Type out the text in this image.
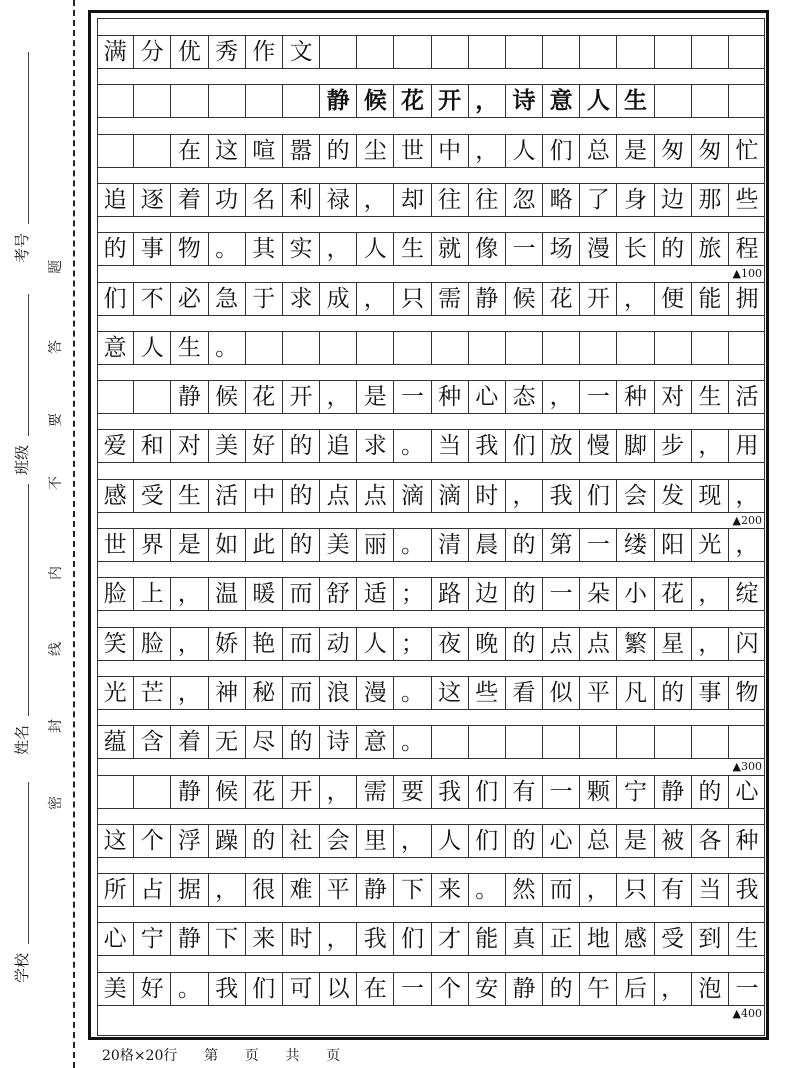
考号
班级
姓名
学校
题
答
要
不
内
线
封
密
满 分 优 秀 作 文
静 候 花 开 ， 诗 意 人 生
在 这 喧 嚣 的 尘 世 中 ， 人 们 总 是 匆 匆 忙
追 逐 着 功 名 利 禄 ， 却 往 往 忽 略 了 身 边 那 些
的 事 物 。 其 实 ， 人 生 就 像 一 场 漫 长 的 旅 程
▲100
们 不 必 急 于 求 成 ， 只 需 静 候 花 开 ， 便 能 拥
意 人 生 。
静 候 花 开 ， 是 一 种 心 态 ， 一 种 对 生 活
爱 和 对 美 好 的 追 求 。 当 我 们 放 慢 脚 步 ， 用
感 受 生 活 中 的 点 点 滴 滴 时 ， 我 们 会 发 现 ，
▲200
世 界 是 如 此 的 美 丽 。 清 晨 的 第 一 缕 阳 光 ，
脸 上 ， 温 暖 而 舒 适 ； 路 边 的 一 朵 小 花 ， 绽
笑 脸 ， 娇 艳 而 动 人 ； 夜 晚 的 点 点 繁 星 ， 闪
光 芒 ， 神 秘 而 浪 漫 。 这 些 看 似 平 凡 的 事 物
蕴 含 着 无 尽 的 诗 意 。
▲300
静 候 花 开 ， 需 要 我 们 有 一 颗 宁 静 的 心
这 个 浮 躁 的 社 会 里 ， 人 们 的 心 总 是 被 各 种
所 占 据 ， 很 难 平 静 下 来 。 然 而 ， 只 有 当 我
心 宁 静 下 来 时 ， 我 们 才 能 真 正 地 感 受 到 生
美 好 。 我 们 可 以 在 一 个 安 静 的 午 后 ， 泡 一
▲400
20格×20行 第 页 共 页
